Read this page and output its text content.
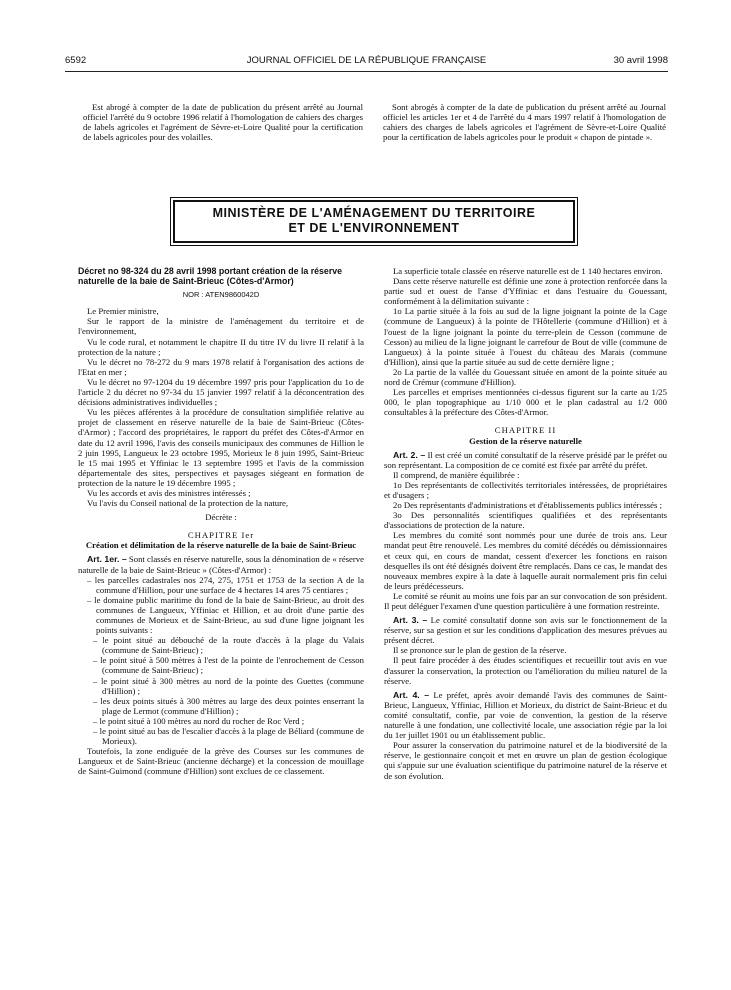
6592	JOURNAL OFFICIEL DE LA RÉPUBLIQUE FRANÇAISE	30 avril 1998

Est abrogé à compter de la date de publication du présent arrêté au Journal officiel l'arrêté du 9 octobre 1996 relatif à l'homologation de cahiers des charges de labels agricoles et l'agrément de Sèvre-et-Loire Qualité pour la certification de labels agricoles pour des volailles.

Sont abrogés à compter de la date de publication du présent arrêté au Journal officiel les articles 1er et 4 de l'arrêté du 4 mars 1997 relatif à l'homologation de cahiers des charges de labels agricoles et l'agrément de Sèvre-et-Loire Qualité pour la certification de labels agricoles pour le produit « chapon de pintade ».

MINISTÈRE DE L'AMÉNAGEMENT DU TERRITOIRE
ET DE L'ENVIRONNEMENT

Décret no 98-324 du 28 avril 1998 portant création de la réserve naturelle de la baie de Saint-Brieuc (Côtes-d'Armor)

NOR : ATEN9860042D

Le Premier ministre,

Sur le rapport de la ministre de l'aménagement du territoire et de l'environnement,

Vu le code rural, et notamment le chapitre II du titre IV du livre II relatif à la protection de la nature ;

Vu le décret no 78-272 du 9 mars 1978 relatif à l'organisation des actions de l'Etat en mer ;

Vu le décret no 97-1204 du 19 décembre 1997 pris pour l'application du 1o de l'article 2 du décret no 97-34 du 15 janvier 1997 relatif à la déconcentration des décisions administratives individuelles ;

Vu les pièces afférentes à la procédure de consultation simplifiée relative au projet de classement en réserve naturelle de la baie de Saint-Brieuc (Côtes-d'Armor) ; l'accord des propriétaires, le rapport du préfet des Côtes-d'Armor en date du 12 avril 1996, l'avis des conseils municipaux des communes de Hillion le 2 juin 1995, Langueux le 23 octobre 1995, Morieux le 8 juin 1995, Saint-Brieuc le 15 mai 1995 et Yffiniac le 13 septembre 1995 et l'avis de la commission départementale des sites, perspectives et paysages siégeant en formation de protection de la nature le 19 décembre 1995 ;

Vu les accords et avis des ministres intéressés ;

Vu l'avis du Conseil national de la protection de la nature,

Décrète :

CHAPITRE Ier

Création et délimitation de la réserve naturelle de la baie de Saint-Brieuc

Art. 1er. – Sont classés en réserve naturelle, sous la dénomination de « réserve naturelle de la baie de Saint-Brieuc » (Côtes-d'Armor) :

– les parcelles cadastrales nos 274, 275, 1751 et 1753 de la section A de la commune d'Hillion, pour une surface de 4 hectares 14 ares 75 centiares ;

– le domaine public maritime du fond de la baie de Saint-Brieuc, au droit des communes de Langueux, Yffiniac et Hillion, et au droit d'une partie des communes de Morieux et de Saint-Brieuc, au sud d'une ligne joignant les points suivants :

– le point situé au débouché de la route d'accès à la plage du Valais (commune de Saint-Brieuc) ;

– le point situé à 500 mètres à l'est de la pointe de l'enrochement de Cesson (commune de Saint-Brieuc) ;

– le point situé à 300 mètres au nord de la pointe des Guettes (commune d'Hillion) ;

– les deux points situés à 300 mètres au large des deux pointes enserrant la plage de Lermot (commune d'Hillion) ;

– le point situé à 100 mètres au nord du rocher de Roc Verd ;

– le point situé au bas de l'escalier d'accès à la plage de Béliard (commune de Morieux).

Toutefois, la zone endiguée de la grève des Courses sur les communes de Langueux et de Saint-Brieuc (ancienne décharge) et la concession de mouillage de Saint-Guimond (commune d'Hillion) sont exclues de ce classement.

La superficie totale classée en réserve naturelle est de 1 140 hectares environ.

Dans cette réserve naturelle est définie une zone à protection renforcée dans la partie sud et ouest de l'anse d'Yffiniac et dans l'estuaire du Gouessant, conformément à la délimitation suivante :

1o La partie située à la fois au sud de la ligne joignant la pointe de la Cage (commune de Langueux) à la pointe de l'Hôtellerie (commune d'Hillion) et à l'ouest de la ligne joignant la pointe du terre-plein de Cesson (commune de Cesson) au milieu de la ligne joignant le carrefour de Bout de ville (commune de Langueux) à la pointe située à l'ouest du château des Marais (commune d'Hillion), ainsi que la partie située au sud de cette dernière ligne ;

2o La partie de la vallée du Gouessant située en amont de la pointe située au nord de Crémur (commune d'Hillion).

Les parcelles et emprises mentionnées ci-dessus figurent sur la carte au 1/25 000, le plan topographique au 1/10 000 et le plan cadastral au 1/2 000 consultables à la préfecture des Côtes-d'Armor.

CHAPITRE II

Gestion de la réserve naturelle

Art. 2. – Il est créé un comité consultatif de la réserve présidé par le préfet ou son représentant. La composition de ce comité est fixée par arrêté du préfet.

Il comprend, de manière équilibrée :

1o Des représentants de collectivités territoriales intéressées, de propriétaires et d'usagers ;

2o Des représentants d'administrations et d'établissements publics intéressés ;

3o Des personnalités scientifiques qualifiées et des représentants d'associations de protection de la nature.

Les membres du comité sont nommés pour une durée de trois ans. Leur mandat peut être renouvelé. Les membres du comité décédés ou démissionnaires et ceux qui, en cours de mandat, cessent d'exercer les fonctions en raison desquelles ils ont été désignés doivent être remplacés. Dans ce cas, le mandat des nouveaux membres expire à la date à laquelle aurait normalement pris fin celui de leurs prédécesseurs.

Le comité se réunit au moins une fois par an sur convocation de son président. Il peut déléguer l'examen d'une question particulière à une formation restreinte.

Art. 3. – Le comité consultatif donne son avis sur le fonctionnement de la réserve, sur sa gestion et sur les conditions d'application des mesures prévues au présent décret.

Il se prononce sur le plan de gestion de la réserve.

Il peut faire procéder à des études scientifiques et recueillir tout avis en vue d'assurer la conservation, la protection ou l'amélioration du milieu naturel de la réserve.

Art. 4. – Le préfet, après avoir demandé l'avis des communes de Saint-Brieuc, Langueux, Yffiniac, Hillion et Morieux, du district de Saint-Brieuc et du comité consultatif, confie, par voie de convention, la gestion de la réserve naturelle à une fondation, une collectivité locale, une association régie par la loi du 1er juillet 1901 ou un établissement public.

Pour assurer la conservation du patrimoine naturel et de la biodiversité de la réserve, le gestionnaire conçoit et met en œuvre un plan de gestion écologique qui s'appuie sur une évaluation scientifique du patrimoine naturel de la réserve et de son évolution.
